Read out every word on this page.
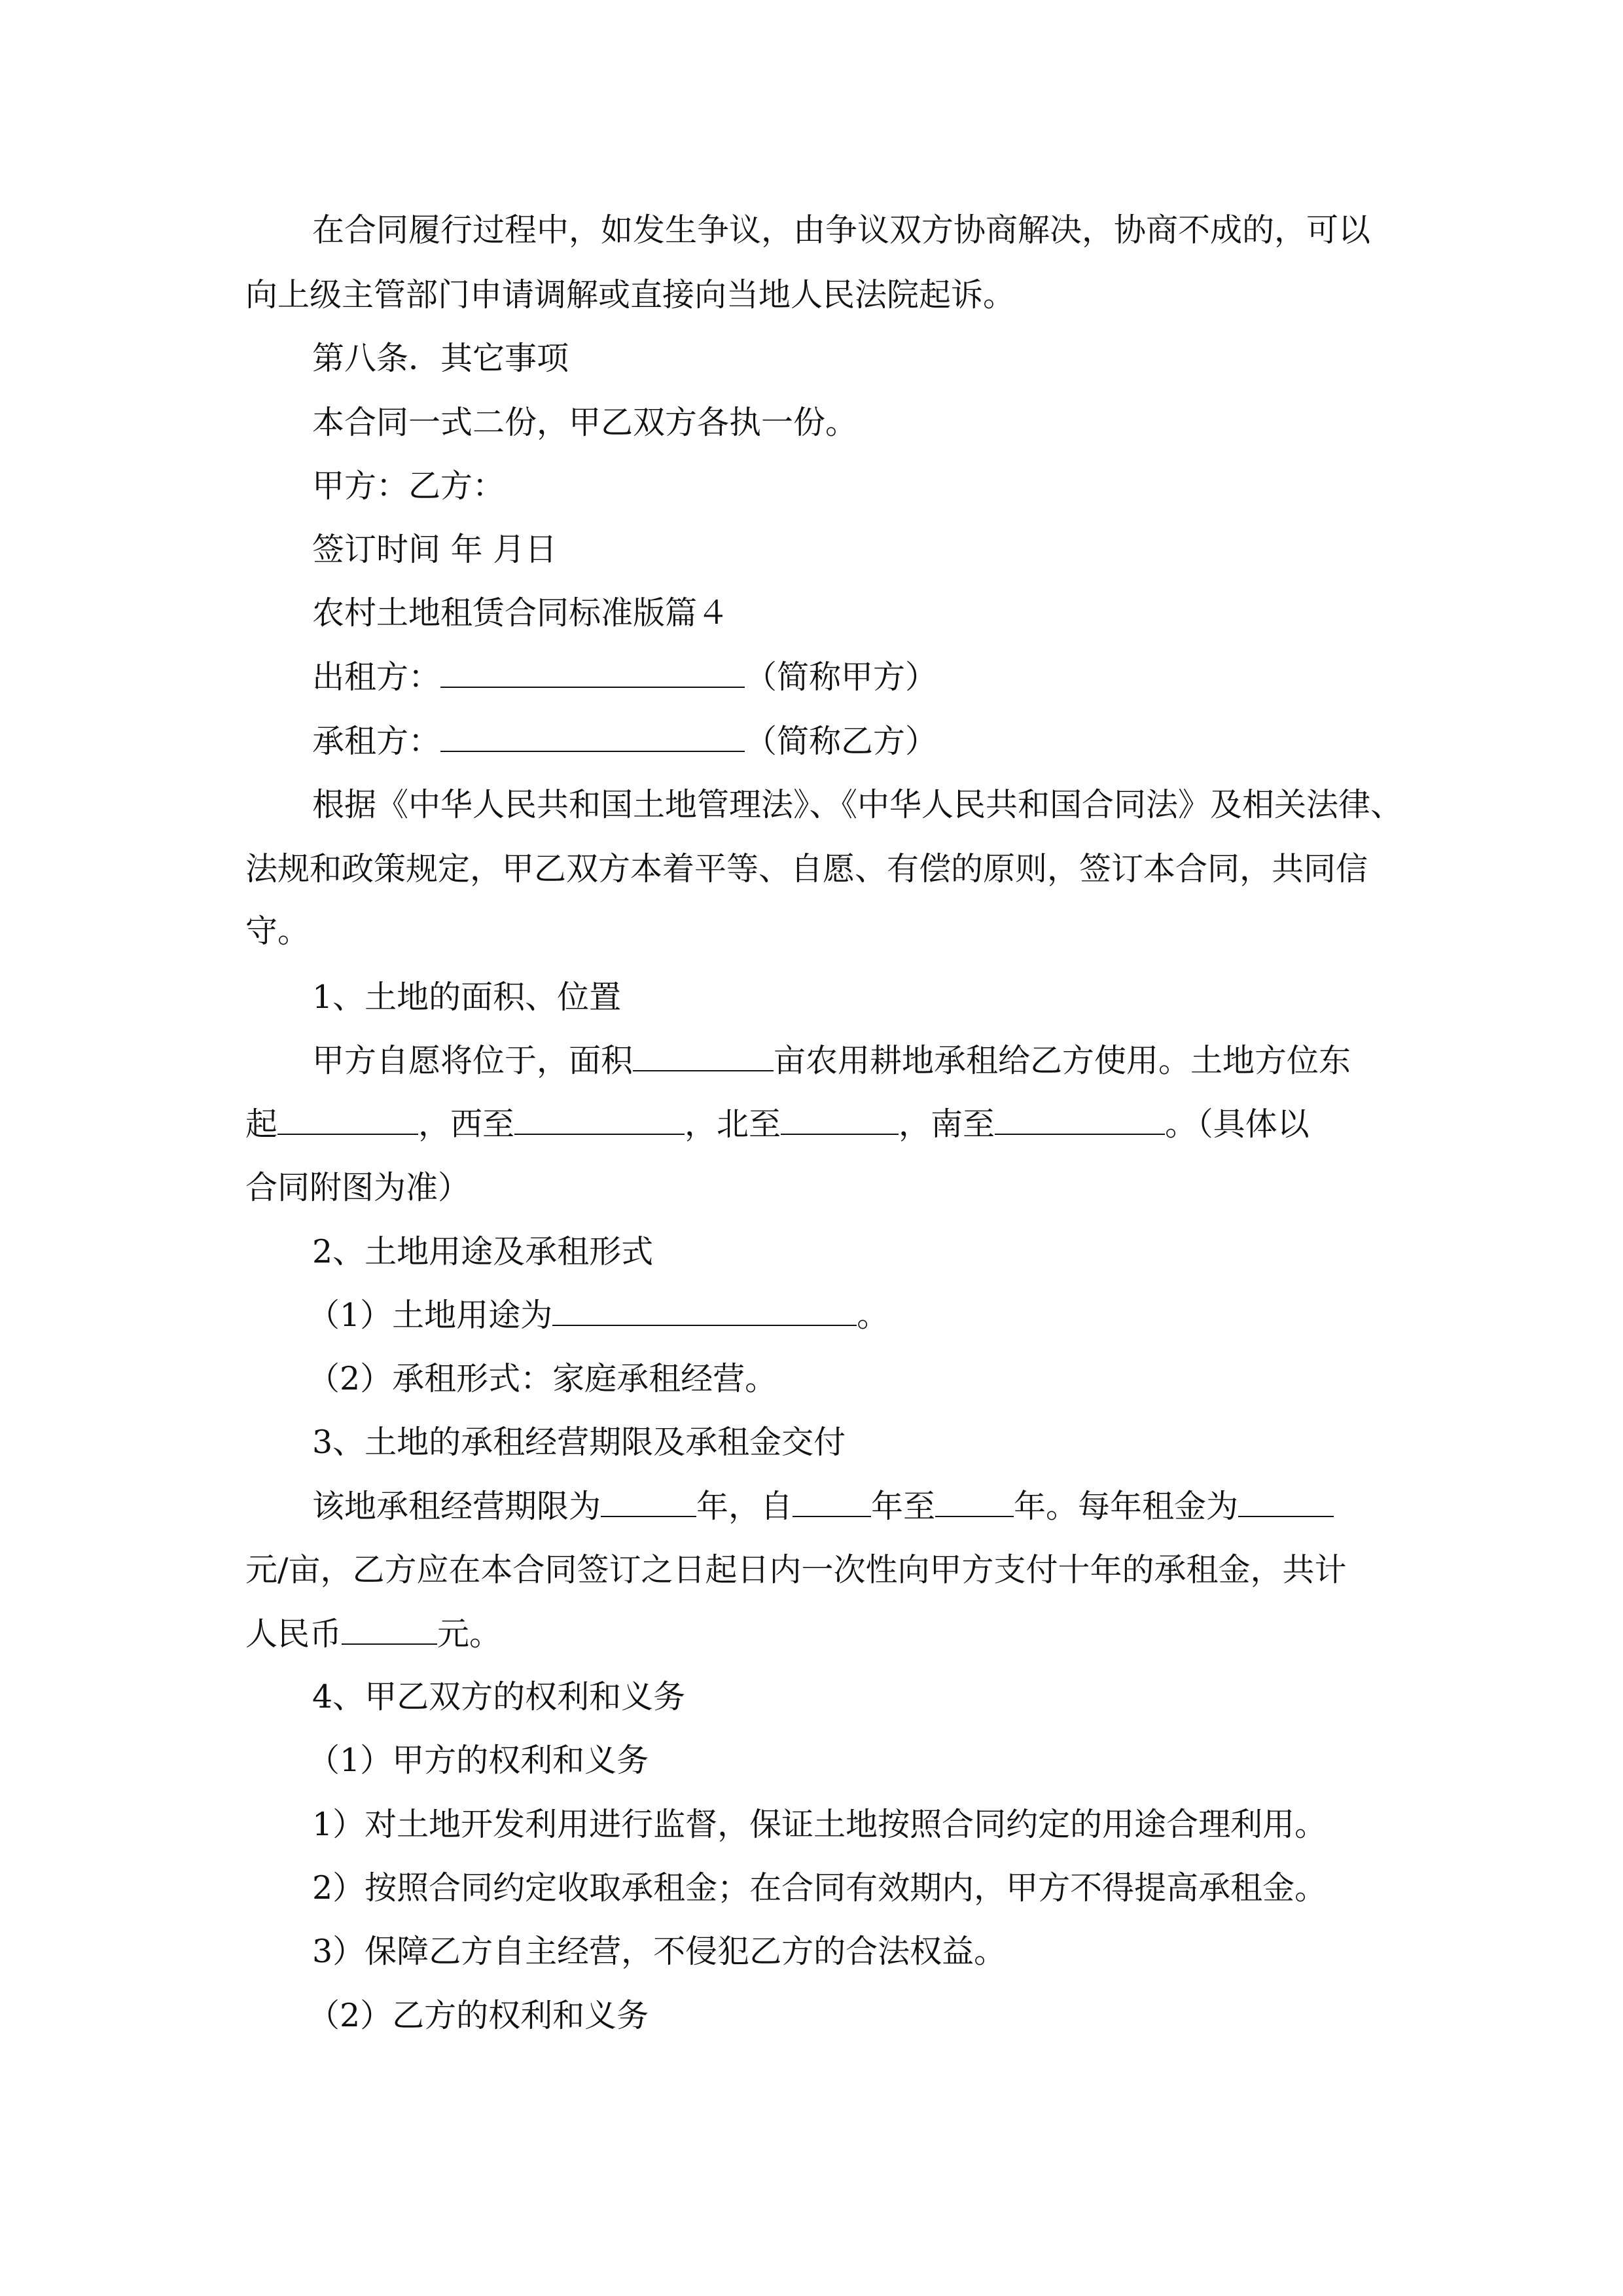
在合同履行过程中，如发生争议，由争议双方协商解决，协商不成的，可以
向上级主管部门申请调解或直接向当地人民法院起诉。
第八条．其它事项
本合同一式二份，甲乙双方各执一份。
甲方：乙方：
签订时间 年 月日
农村土地租赁合同标准版篇４
出租方：	（简称甲方）
承租方：	（简称乙方）
根据《中华人民共和国土地管理法》、《中华人民共和国合同法》及相关法律、
法规和政策规定，甲乙双方本着平等、自愿、有偿的原则，签订本合同，共同信
守。
1、土地的面积、位置
甲方自愿将位于，面积	亩农用耕地承租给乙方使用。土地方位东
起	，西至	，北至	，南至	。（具体以
合同附图为准）
2、土地用途及承租形式
（1）土地用途为	。
（2）承租形式：家庭承租经营。
3、土地的承租经营期限及承租金交付
该地承租经营期限为	年，自 年至 年。每年租金为
元/亩，乙方应在本合同签订之日起日内一次性向甲方支付十年的承租金，共计
人民币	元。
4、甲乙双方的权利和义务
（1）甲方的权利和义务
1）对土地开发利用进行监督，保证土地按照合同约定的用途合理利用。
2）按照合同约定收取承租金；在合同有效期内，甲方不得提高承租金。
3）保障乙方自主经营，不侵犯乙方的合法权益。
（2）乙方的权利和义务
